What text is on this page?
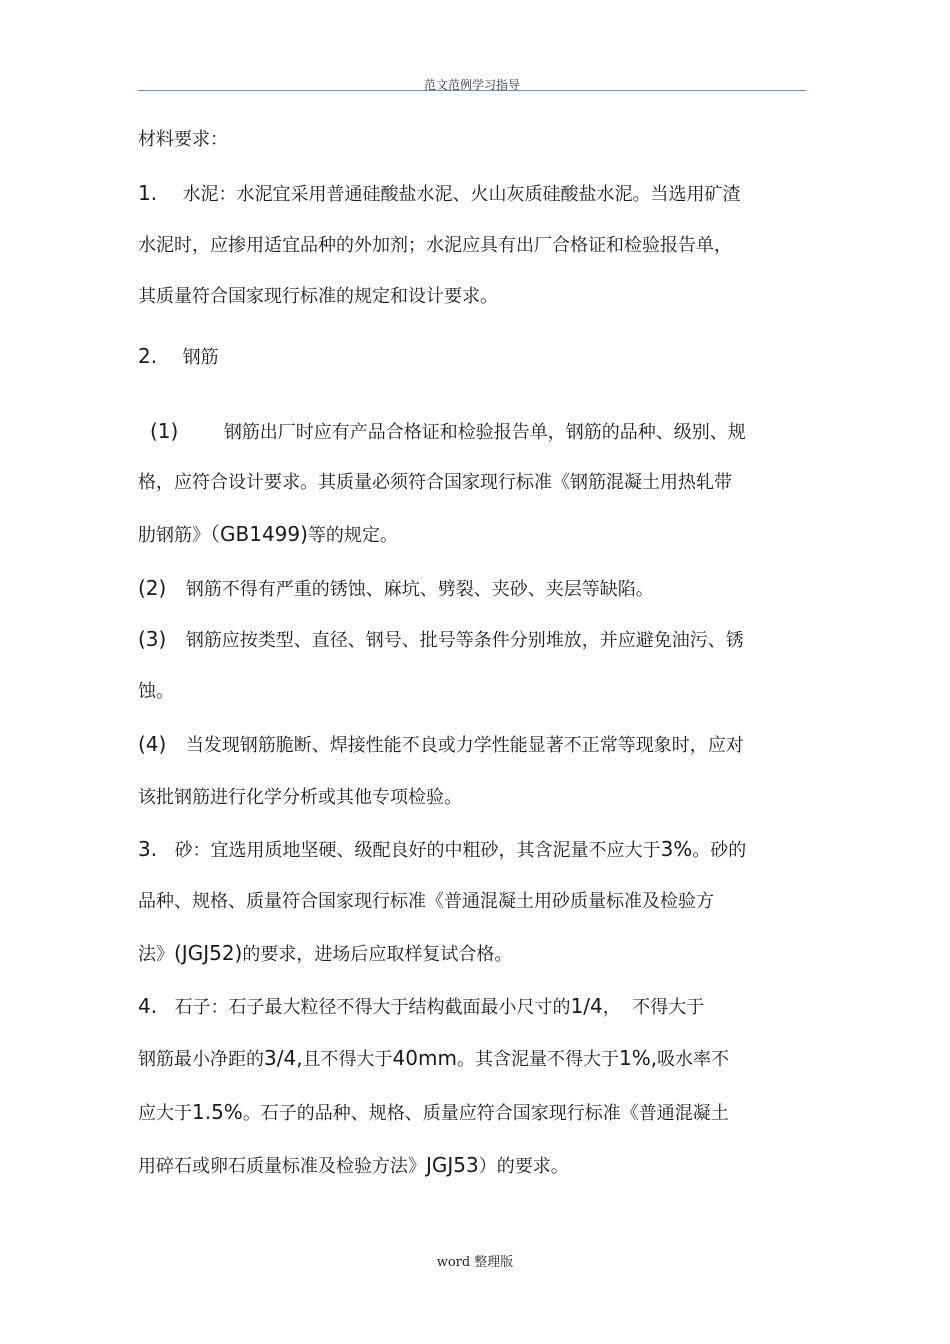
范文范例学习指导
材料要求：
1. 水泥：水泥宜采用普通硅酸盐水泥、火山灰质硅酸盐水泥。当选用矿渣
水泥时，应掺用适宜品种的外加剂；水泥应具有出厂合格证和检验报告单，
其质量符合国家现行标准的规定和设计要求。
2. 钢筋
(1)	钢筋出厂时应有产品合格证和检验报告单，钢筋的品种、级别、规
格，应符合设计要求。其质量必须符合国家现行标准《钢筋混凝土用热轧带
肋钢筋》（GB1499)等的规定。
(2) 钢筋不得有严重的锈蚀、麻坑、劈裂、夹砂、夹层等缺陷。
(3) 钢筋应按类型、直径、钢号、批号等条件分别堆放，并应避免油污、锈
蚀。
(4) 当发现钢筋脆断、焊接性能不良或力学性能显著不正常等现象时，应对
该批钢筋进行化学分析或其他专项检验。
3. 砂：宜选用质地坚硬、级配良好的中粗砂，其含泥量不应大于3%。砂的
品种、规格、质量符合国家现行标准《普通混凝土用砂质量标准及检验方
法》(JGJ52)的要求，进场后应取样复试合格。
4. 石子：石子最大粒径不得大于结构截面最小尺寸的1/4，  不得大于
钢筋最小净距的3/4,且不得大于40mm。其含泥量不得大于1%,吸水率不
应大于1.5%。石子的品种、规格、质量应符合国家现行标准《普通混凝土
用碎石或卵石质量标准及检验方法》JGJ53）的要求。
word 整理版
